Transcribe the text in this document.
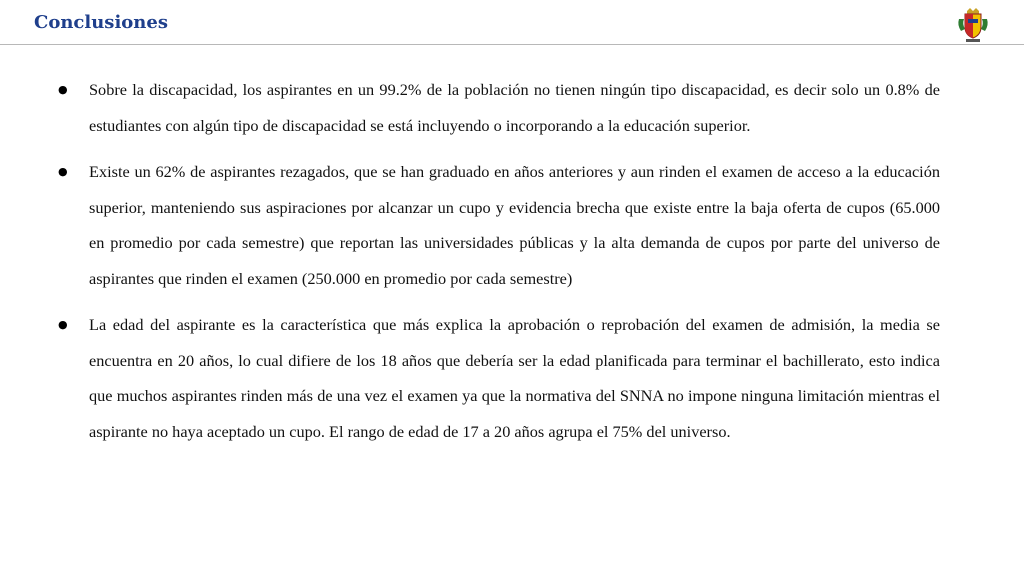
Conclusiones
● Sobre la discapacidad, los aspirantes en un 99.2% de la población no tienen ningún tipo discapacidad, es decir solo un 0.8% de estudiantes con algún tipo de discapacidad se está incluyendo o incorporando a la educación superior.
● Existe un 62% de aspirantes rezagados, que se han graduado en años anteriores y aun rinden el examen de acceso a la educación superior, manteniendo sus aspiraciones por alcanzar un cupo y evidencia brecha que existe entre la baja oferta de cupos (65.000 en promedio por cada semestre) que reportan las universidades públicas y la alta demanda de cupos por parte del universo de aspirantes que rinden el examen (250.000 en promedio por cada semestre)
● La edad del aspirante es la característica que más explica la aprobación o reprobación del examen de admisión, la media se encuentra en 20 años, lo cual difiere de los 18 años que debería ser la edad planificada para terminar el bachillerato, esto indica que muchos aspirantes rinden más de una vez el examen ya que la normativa del SNNA no impone ninguna limitación mientras el aspirante no haya aceptado un cupo. El rango de edad de 17 a 20 años agrupa el 75% del universo.
